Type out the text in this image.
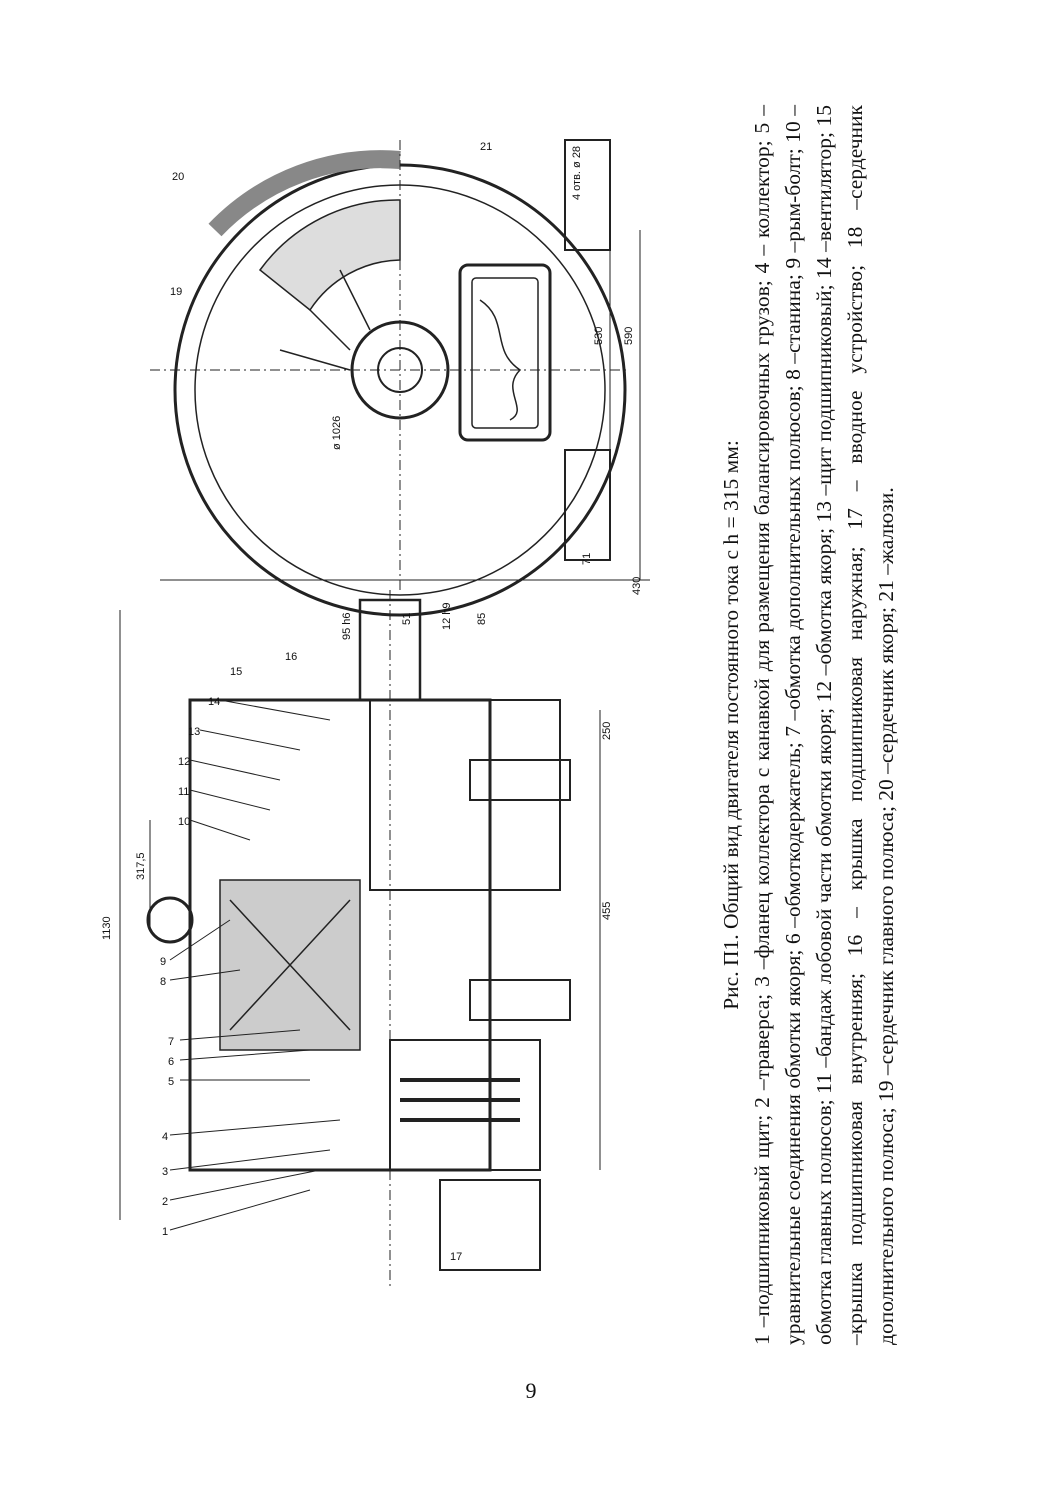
1130
317,5
250
455
430
95 h6	12 h9
51	85
71
ø 1026
530 590
4 отв. ø 28
1
2
3
4
5
6
7
8
9
10
11
12
13
14
15
16
17
19
20
21

Рис. П1. Общий вид двигателя постоянного тока с h = 315 мм: 1 –подшипниковый щит; 2 –траверса; 3 –фланец коллектора с канавкой для размещения балансировочных грузов; 4 – коллектор; 5 – уравнительные соединения обмотки якоря; 6 –обмоткодержатель; 7 –обмотка дополнительных полюсов; 8 –станина; 9 –рым-болт; 10 – обмотка главных полюсов; 11 –бандаж лобовой части обмотки якоря; 12 –обмотка якоря; 13 –щит подшипниковый; 14 –вентилятор; 15 –крышка подшипниковая внутренняя; 16 – крышка подшипниковая наружная; 17 – вводное устройство; 18 –сердечник дополнительного полюса; 19 –сердечник главного полюса; 20 –сердечник якоря; 21 –жалюзи.

9
